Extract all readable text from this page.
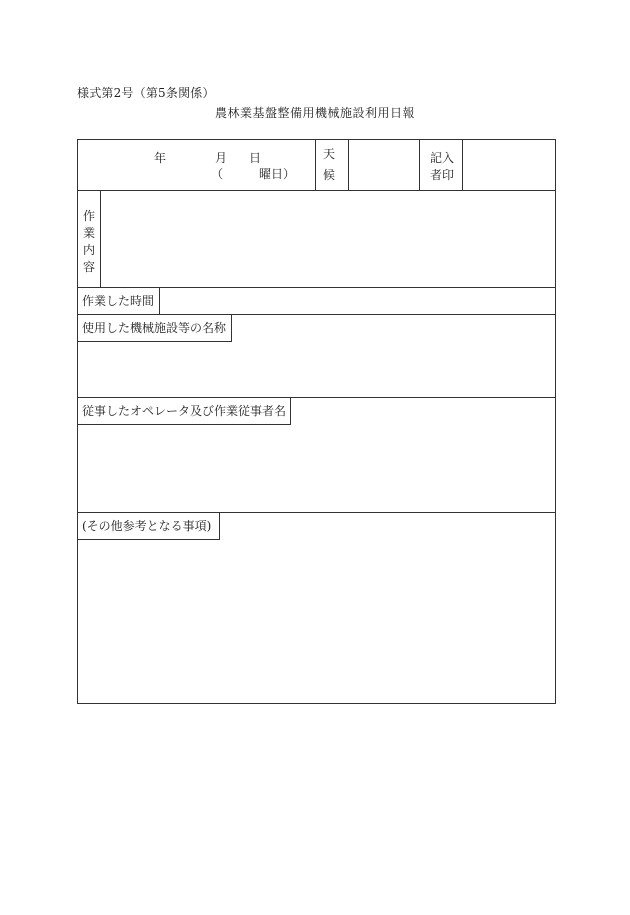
様式第2号（第5条関係）
農林業基盤整備用機械施設利用日報
年	月 日
（	曜日）
天
候
記入
者印
作
業
内
容
作業した時間
使用した機械施設等の名称
従事したオペレータ及び作業従事者名
(その他参考となる事項)
